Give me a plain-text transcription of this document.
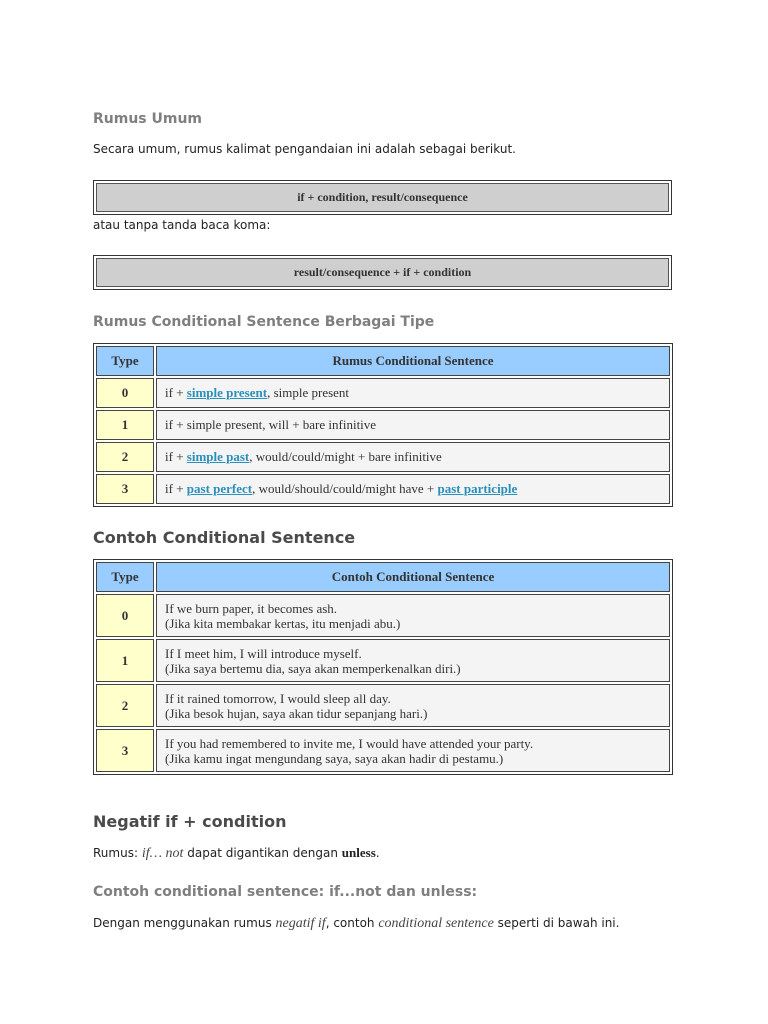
Rumus Umum

Secara umum, rumus kalimat pengandaian ini adalah sebagai berikut.

if + condition, result/consequence

atau tanpa tanda baca koma:

result/consequence + if + condition
Rumus Conditional Sentence Berbagai Tipe
Type	Rumus Conditional Sentence
0	if + simple present, simple present
1	if + simple present, will + bare infinitive
2	if + simple past, would/could/might + bare infinitive
3	if + past perfect, would/should/could/might have + past participle
Contoh Conditional Sentence
Type	Contoh Conditional Sentence
0	If we burn paper, it becomes ash.
(Jika kita membakar kertas, itu menjadi abu.)

1	If I meet him, I will introduce myself.
(Jika saya bertemu dia, saya akan memperkenalkan diri.)

2	If it rained tomorrow, I would sleep all day.
(Jika besok hujan, saya akan tidur sepanjang hari.)

3	If you had remembered to invite me, I would have attended your party.
(Jika kamu ingat mengundang saya, saya akan hadir di pestamu.)
Negatif if + condition

Rumus: if… not dapat digantikan dengan unless.

Contoh conditional sentence: if...not dan unless:

Dengan menggunakan rumus negatif if, contoh conditional sentence seperti di bawah ini.
